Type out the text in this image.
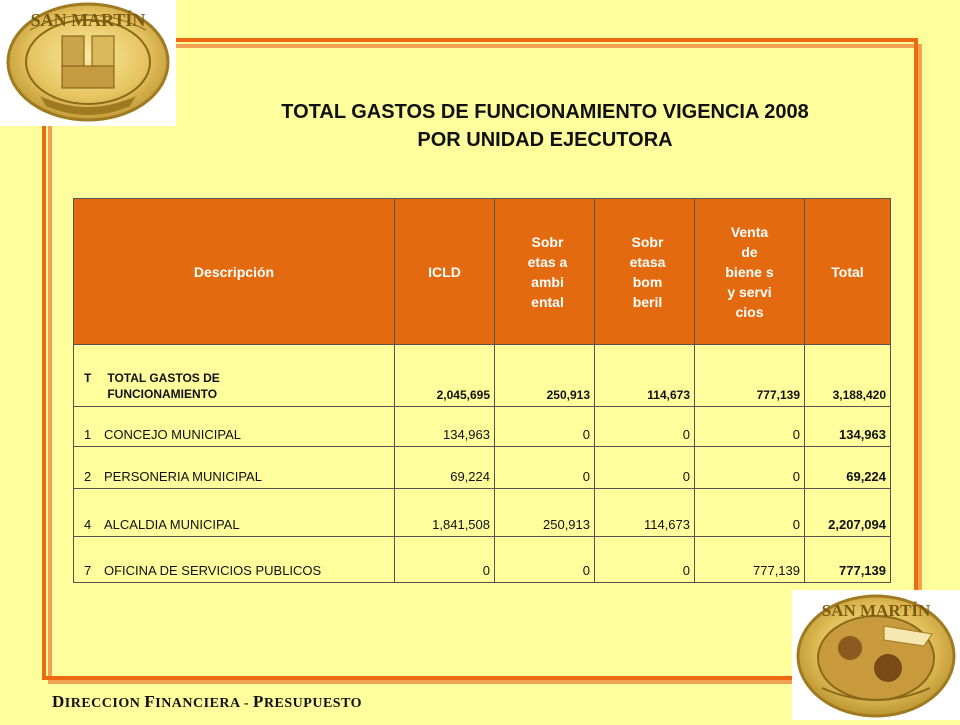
SAN MARTÍN
SAN MARTÍN
TOTAL GASTOS DE FUNCIONAMIENTO VIGENCIA 2008
POR UNIDAD EJECUTORA
Descripción	ICLD	Sobr etas a ambi ental	Sobr etasa bom beril	Venta de biene s y servi cios	Total
T TOTAL GASTOS DE FUNCIONAMIENTO	2,045,695	250,913	114,673	777,139	3,188,420
1 CONCEJO MUNICIPAL	134,963	0	0	0	134,963
2 PERSONERIA MUNICIPAL	69,224	0	0	0	69,224
4 ALCALDIA MUNICIPAL	1,841,508	250,913	114,673	0	2,207,094
7 OFICINA DE SERVICIOS PUBLICOS	0	0	0	777,139	777,139
DIRECCION FINANCIERA - PRESUPUESTO
